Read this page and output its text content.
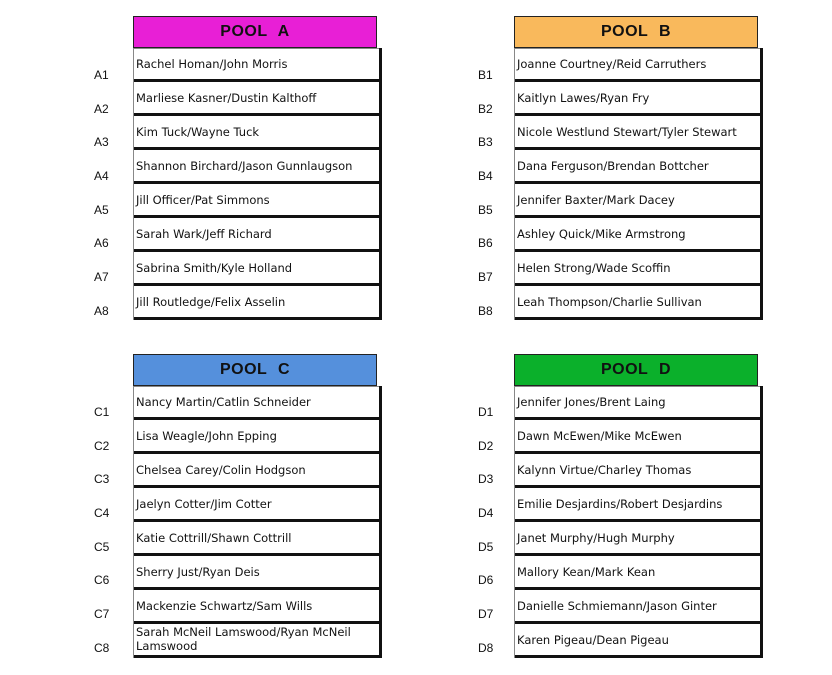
POOL A
Rachel Homan/John Morris
Marliese Kasner/Dustin Kalthoff
Kim Tuck/Wayne Tuck
Shannon Birchard/Jason Gunnlaugson
Jill Officer/Pat Simmons
Sarah Wark/Jeff Richard
Sabrina Smith/Kyle Holland
Jill Routledge/Felix Asselin
A1
A2
A3
A4
A5
A6
A7
A8
POOL B
Joanne Courtney/Reid Carruthers
Kaitlyn Lawes/Ryan Fry
Nicole Westlund Stewart/Tyler Stewart
Dana Ferguson/Brendan Bottcher
Jennifer Baxter/Mark Dacey
Ashley Quick/Mike Armstrong
Helen Strong/Wade Scoffin
Leah Thompson/Charlie Sullivan
B1
B2
B3
B4
B5
B6
B7
B8
POOL C
Nancy Martin/Catlin Schneider
Lisa Weagle/John Epping
Chelsea Carey/Colin Hodgson
Jaelyn Cotter/Jim Cotter
Katie Cottrill/Shawn Cottrill
Sherry Just/Ryan Deis
Mackenzie Schwartz/Sam Wills
Sarah McNeil Lamswood/Ryan McNeil Lamswood
C1
C2
C3
C4
C5
C6
C7
C8
POOL D
Jennifer Jones/Brent Laing
Dawn McEwen/Mike McEwen
Kalynn Virtue/Charley Thomas
Emilie Desjardins/Robert Desjardins
Janet Murphy/Hugh Murphy
Mallory Kean/Mark Kean
Danielle Schmiemann/Jason Ginter
Karen Pigeau/Dean Pigeau
D1
D2
D3
D4
D5
D6
D7
D8
